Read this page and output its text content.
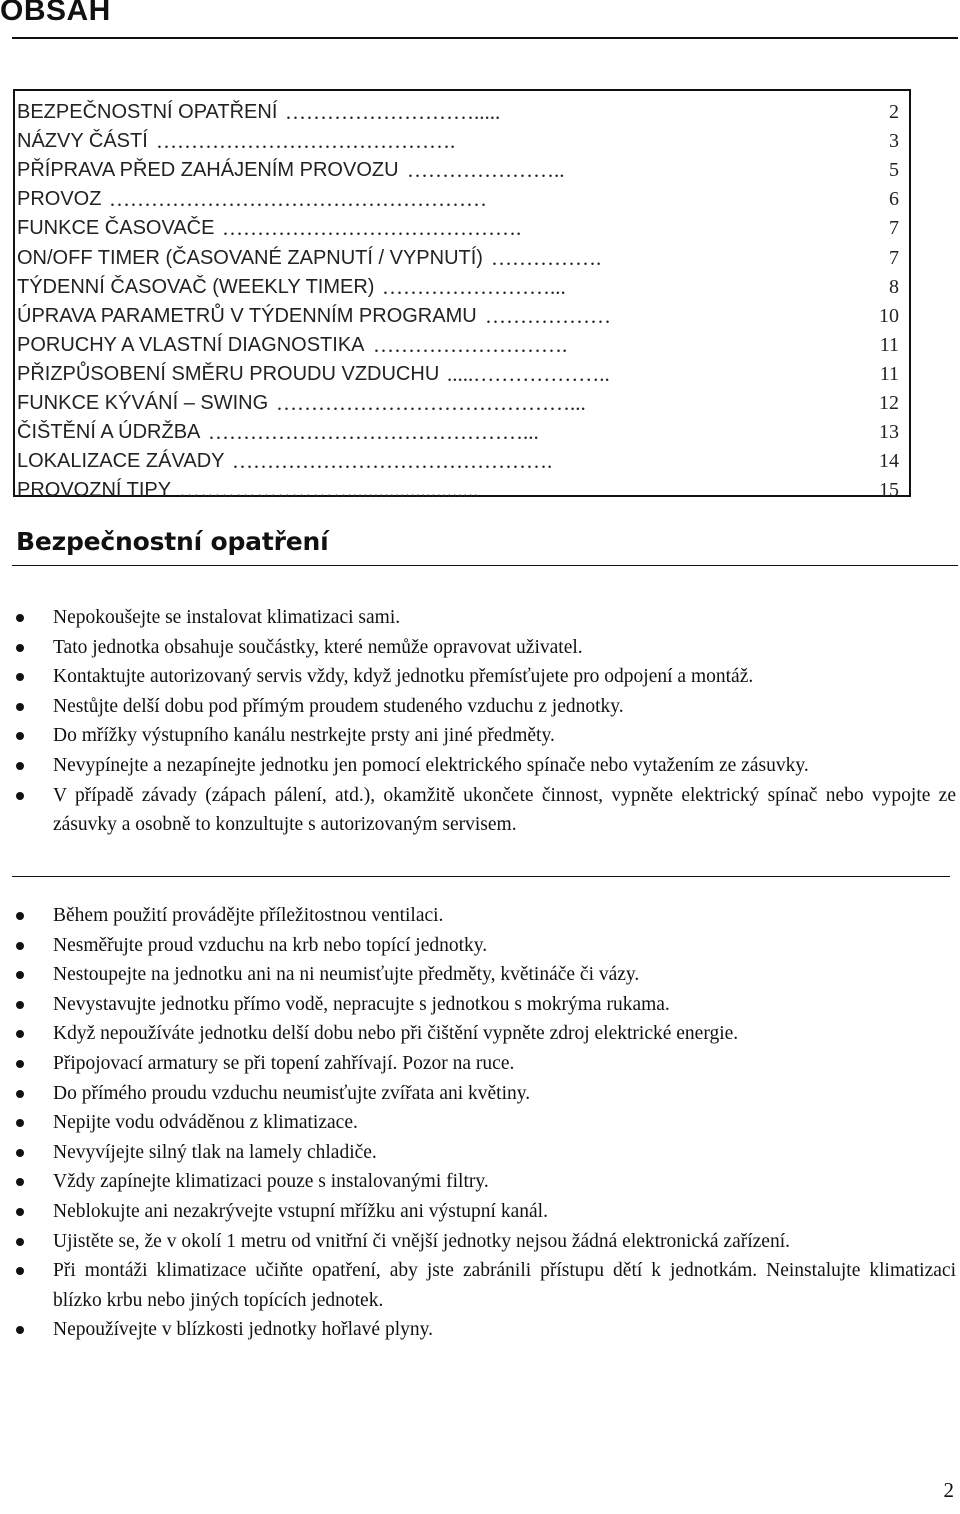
OBSAH
BEZPEČNOSTNÍ OPATŘENÍ ……………………….....	2
NÁZVY ČÁSTÍ …………………………………….	3
PŘÍPRAVA PŘED ZAHÁJENÍM PROVOZU …………………..	5
PROVOZ ………………………………………………	6
FUNKCE ČASOVAČE …………………………………….	7
ON/OFF TIMER (ČASOVANÉ ZAPNUTÍ / VYPNUTÍ) …………….	7
TÝDENNÍ ČASOVAČ (WEEKLY TIMER) ……………………...	8
ÚPRAVA PARAMETRŮ V TÝDENNÍM PROGRAMU ………………	10
PORUCHY A VLASTNÍ DIAGNOSTIKA ……………………….	11
PŘIZPŮSOBENÍ SMĚRU PROUDU VZDUCHU .....………………..	11
FUNKCE KÝVÁNÍ – SWING ……………………………………...	12
ČIŠTĚNÍ A ÚDRŽBA ………………………………………...	13
LOKALIZACE ZÁVADY ……………………………………….	14
PROVOZNÍ TIPY …………………….........................	15
Bezpečnostní opatření
Nepokoušejte se instalovat klimatizaci sami.
Tato jednotka obsahuje součástky, které nemůže opravovat uživatel.
Kontaktujte autorizovaný servis vždy, když jednotku přemísťujete pro odpojení a montáž.
Nestůjte delší dobu pod přímým proudem studeného vzduchu z jednotky.
Do mřížky výstupního kanálu nestrkejte prsty ani jiné předměty.
Nevypínejte a nezapínejte jednotku jen pomocí elektrického spínače nebo vytažením ze zásuvky.
V případě závady (zápach pálení, atd.), okamžitě ukončete činnost, vypněte elektrický spínač nebo vypojte ze zásuvky a osobně to konzultujte s autorizovaným servisem.
Během použití provádějte příležitostnou ventilaci.
Nesměřujte proud vzduchu na krb nebo topící jednotky.
Nestoupejte na jednotku ani na ni neumisťujte předměty, květináče či vázy.
Nevystavujte jednotku přímo vodě, nepracujte s jednotkou s mokrýma rukama.
Když nepoužíváte jednotku delší dobu nebo při čištění vypněte zdroj elektrické energie.
Připojovací armatury se při topení zahřívají. Pozor na ruce.
Do přímého proudu vzduchu neumisťujte zvířata ani květiny.
Nepijte vodu odváděnou z klimatizace.
Nevyvíjejte silný tlak na lamely chladiče.
Vždy zapínejte klimatizaci pouze s instalovanými filtry.
Neblokujte ani nezakrývejte vstupní mřížku ani výstupní kanál.
Ujistěte se, že v okolí 1 metru od vnitřní či vnější jednotky nejsou žádná elektronická zařízení.
Při montáži klimatizace učiňte opatření, aby jste zabránili přístupu dětí k jednotkám. Neinstalujte klimatizaci blízko krbu nebo jiných topících jednotek.
Nepoužívejte v blízkosti jednotky hořlavé plyny.
2
